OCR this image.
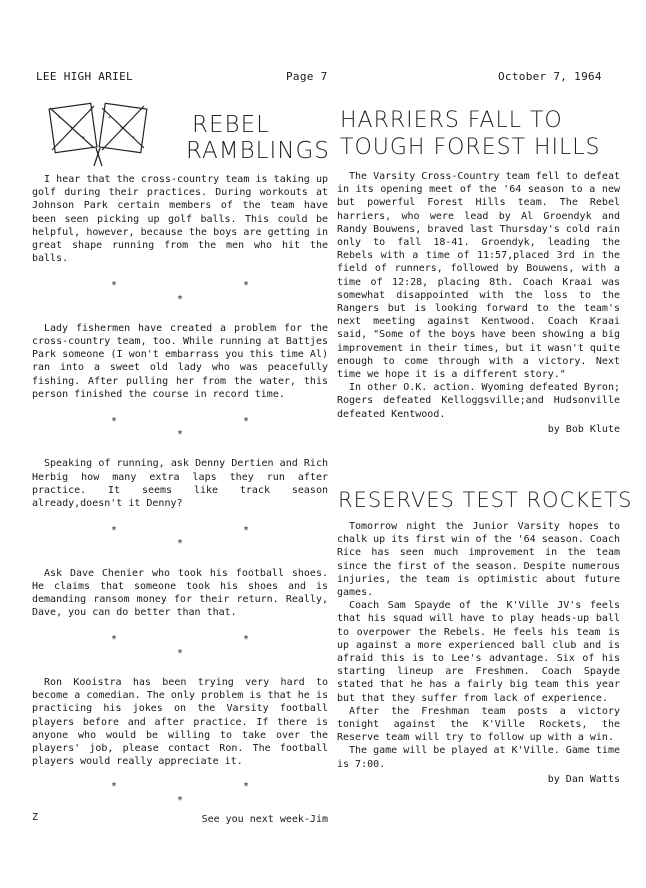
LEE HIGH ARIEL	Page 7	October 7, 1964
*
*
*
*
*
*
REBEL
RAMBLINGS

I hear that the cross-country team is taking up golf during their practices. During workouts at Johnson Park certain members of the team have been seen picking up golf balls. This could be helpful, however, because the boys are getting in great shape running from the men who hit the balls.

* * *

Lady fishermen have created a problem for the cross-country team, too. While running at Battjes Park someone (I won't embarrass you this time Al) ran into a sweet old lady who was peacefully fishing. After pulling her from the water, this person finished the course in record time.

* * *

Speaking of running, ask Denny Dertien and Rich Herbig how many extra laps they run after practice. It seems like track season already,doesn't it Denny?

* * *

Ask Dave Chenier who took his football shoes. He claims that someone took his shoes and is demanding ransom money for their return. Really, Dave, you can do better than that.

* * *

Ron Kooistra has been trying very hard to become a comedian. The only problem is that he is practicing his jokes on the Varsity football players before and after practice. If there is anyone who would be willing to take over the players' job, please contact Ron. The football players would really appreciate it.

* * *
Z	See you next week-Jim
HARRIERS FALL TO
TOUGH FOREST HILLS

The Varsity Cross-Country team fell to defeat in its opening meet of the '64 season to a new but powerful Forest Hills team. The Rebel harriers, who were lead by Al Groendyk and Randy Bouwens, braved last Thursday's cold rain only to fall 18-41. Groendyk, leading the Rebels with a time of 11:57,placed 3rd in the field of runners, followed by Bouwens, with a time of 12:28, placing 8th. Coach Kraai was somewhat disappointed with the loss to the Rangers but is looking forward to the team's next meeting against Kentwood. Coach Kraai said, "Some of the boys have been showing a big improvement in their times, but it wasn't quite enough to come through with a victory. Next time we hope it is a different story."

In other O.K. action. Wyoming defeated Byron; Rogers defeated Kelloggsville;and Hudsonville defeated Kentwood.

by Bob Klute
RESERVES TEST ROCKETS

Tomorrow night the Junior Varsity hopes to chalk up its first win of the '64 season. Coach Rice has seen much improvement in the team since the first of the season. Despite numerous injuries, the team is optimistic about future games.

Coach Sam Spayde of the K'Ville JV's feels that his squad will have to play heads-up ball to overpower the Rebels. He feels his team is up against a more experienced ball club and is afraid this is to Lee's advantage. Six of his starting lineup are Freshmen. Coach Spayde stated that he has a fairly big team this year but that they suffer from lack of experience.

After the Freshman team posts a victory tonight against the K'Ville Rockets, the Reserve team will try to follow up with a win.

The game will be played at K'Ville. Game time is 7:00.

by Dan Watts
